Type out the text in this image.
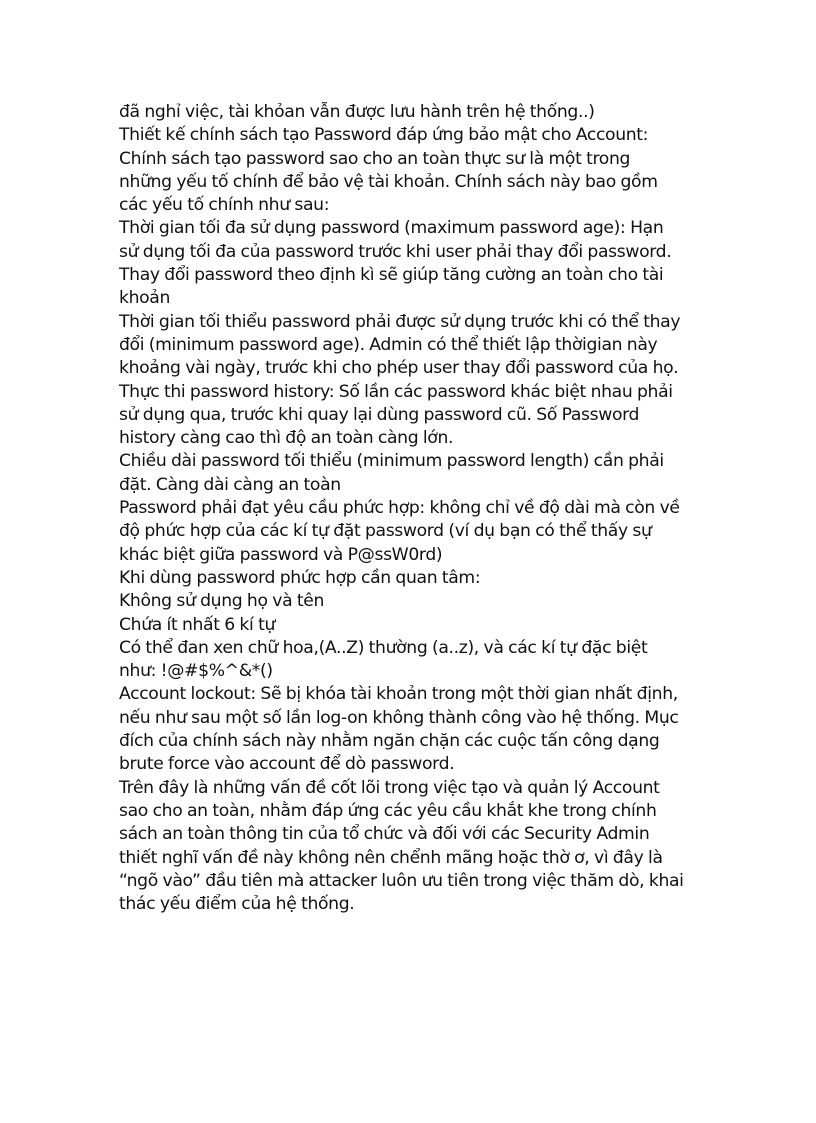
đã nghỉ việc, tài khỏan vẫn được lưu hành trên hệ thống..)
Thiết kế chính sách tạo Password đáp ứng bảo mật cho Account:
Chính sách tạo password sao cho an toàn thực sư là một trong
những yếu tố chính để bảo vệ tài khoản. Chính sách này bao gồm
các yếu tố chính như sau:
Thời gian tối đa sử dụng password (maximum password age): Hạn
sử dụng tối đa của password trước khi user phải thay đổi password.
Thay đổi password theo định kì sẽ giúp tăng cường an toàn cho tài
khoản
Thời gian tối thiểu password phải được sử dụng trước khi có thể thay
đổi (minimum password age). Admin có thể thiết lập thờigian này
khoảng vài ngày, trước khi cho phép user thay đổi password của họ.
Thực thi password history: Số lần các password khác biệt nhau phải
sử dụng qua, trước khi quay lại dùng password cũ. Số Password
history càng cao thì độ an toàn càng lớn.
Chiều dài password tối thiểu (minimum password length) cần phải
đặt. Càng dài càng an toàn
Password phải đạt yêu cầu phức hợp: không chỉ về độ dài mà còn về
độ phức hợp của các kí tự đặt password (ví dụ bạn có thể thấy sự
khác biệt giữa password và P@ssW0rd)
Khi dùng password phức hợp cần quan tâm:
Không sử dụng họ và tên
Chứa ít nhất 6 kí tự
Có thể đan xen chữ hoa,(A..Z) thường (a..z), và các kí tự đặc biệt
như: !@#$%^&*()
Account lockout: Sẽ bị khóa tài khoản trong một thời gian nhất định,
nếu như sau một số lần log-on không thành công vào hệ thống. Mục
đích của chính sách này nhằm ngăn chặn các cuộc tấn công dạng
brute force vào account để dò password.
Trên đây là những vấn đề cốt lõi trong việc tạo và quản lý Account
sao cho an toàn, nhằm đáp ứng các yêu cầu khắt khe trong chính
sách an toàn thông tin của tổ chức và đối với các Security Admin
thiết nghĩ vấn đề này không nên chểnh mãng hoặc thờ ơ, vì đây là
“ngõ vào” đầu tiên mà attacker luôn ưu tiên trong việc thăm dò, khai
thác yếu điểm của hệ thống.
